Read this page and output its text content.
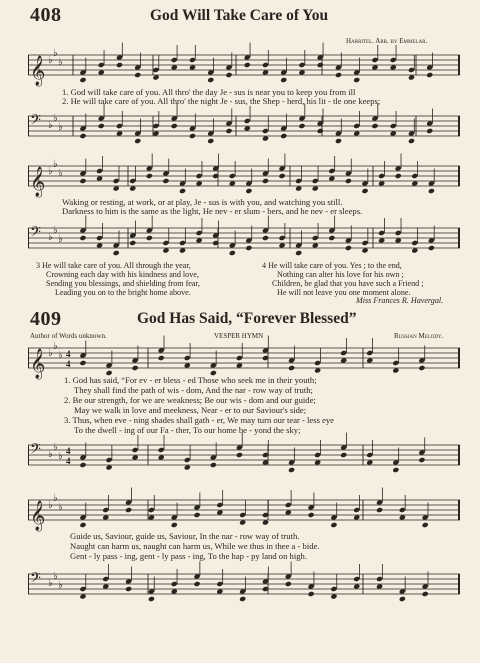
408	God Will Take Care of You
Harritel. Arr. by Emmelar.
𝄞 ♭
♭
♭
1. God will take care of you. All thro' the day Je - sus is near you to keep you from ill
2. He will take care of you. All thro' the night Je - sus, the Shep - herd, his lit - tle one keeps;
𝄢 ♭
♭
♭
𝄞 ♭
♭
♭
Waking or resting, at work, or at play, Je - sus is with you, and watching you still.
Darkness to him is the same as the light, He nev - er slum - bers, and he nev - er sleeps.
𝄢 ♭
♭
♭
3 He will take care of you. All through the year,
Crowning each day with his kindness and love,
Sending you blessings, and shielding from fear,
Leading you on to the bright home above.
4 He will take care of you. Yes ; to the end,
Nothing can alter his love for his own ;
Children, be glad that you have such a Friend ;
He will not leave you one moment alone.
Miss Frances R. Havergal.
409	God Has Said, “Forever Blessed”
Author of Words unknown.	VESPER HYMN	Russian Melody.
𝄞 ♭
♭
♭ 4
4
1. God has said, “For ev - er bless - ed Those who seek me in their youth;
They shall find the path of wis - dom, And the nar - row way of truth;
2. Be our strength, for we are weakness; Be our wis - dom and our guide;
May we walk in love and meekness, Near - er to our Saviour's side;
3. Thus, when eve - ning shades shall gath - er, We may turn our tear - less eye
To the dwell - ing of our Fa - ther, To our home be - yond the sky;
𝄢 ♭
♭
♭ 4
4
𝄞 ♭
♭
♭
Guide us, Saviour, guide us, Saviour, In the nar - row way of truth.
Naught can harm us, naught can harm us, While we thus in thee a - bide.
Gent - ly pass - ing, gent - ly pass - ing, To the hap - py land on high.
𝄢 ♭
♭
♭
